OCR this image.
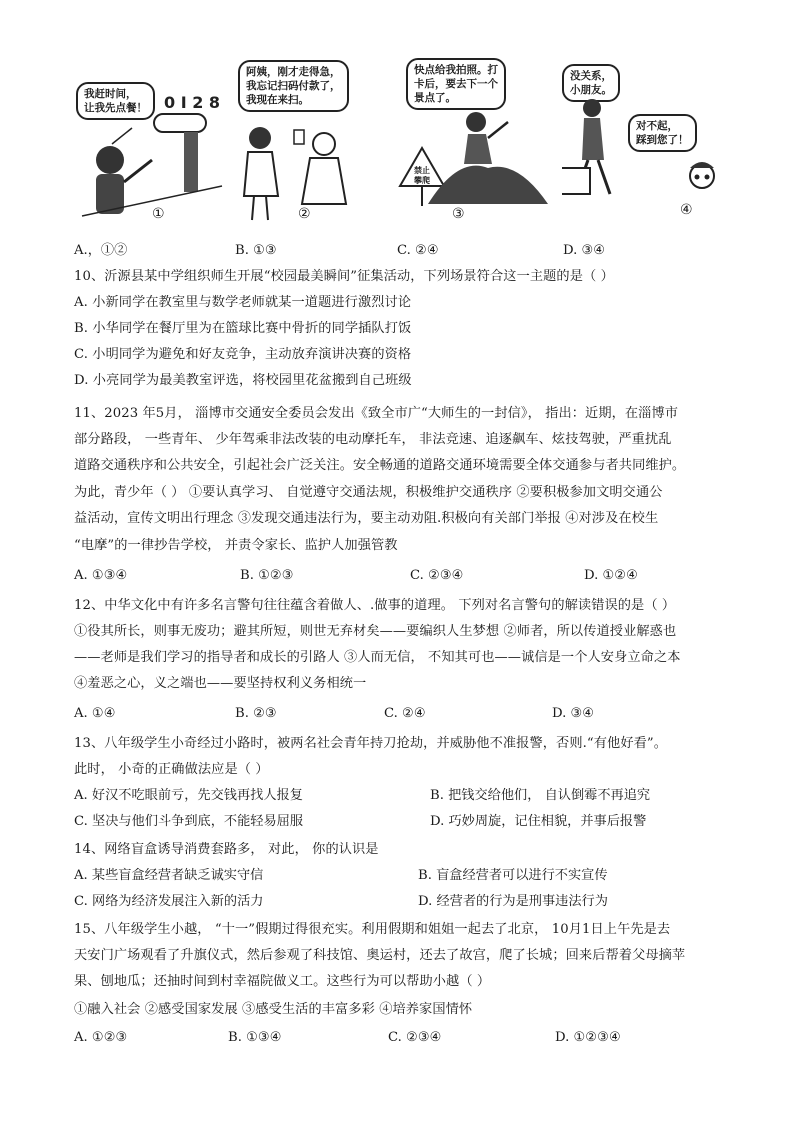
我赶时间，
让我先点餐！ 0 I 2 8
①
阿姨，刚才走得急，
我忘记扫码付款了，
我现在来扫。
②
快点给我拍照。打
卡后，要去下一个
景点了。
禁止
攀爬
③
没关系，
小朋友。
对不起，
踩到您了！
④
A.，①②	B. ①③	C. ②④	D. ③④
10、沂源县某中学组织师生开展“校园最美瞬间”征集活动，下列场景符合这一主题的是（ ）
A. 小新同学在教室里与数学老师就某一道题进行激烈讨论
B. 小华同学在餐厅里为在篮球比赛中骨折的同学插队打饭
C. 小明同学为避免和好友竞争，主动放弃演讲决赛的资格
D. 小亮同学为最美教室评选，将校园里花盆搬到自己班级
11、2023 年5月， 淄博市交通安全委员会发出《致全市广“大师生的一封信》， 指出：近期，在淄博市
部分路段， 一些青年、 少年驾乘非法改装的电动摩托车， 非法竞速、追逐飙车、炫技驾驶，严重扰乱
道路交通秩序和公共安全，引起社会广泛关注。安全畅通的道路交通环境需要全体交通参与者共同维护。
为此，青少年（ ） ①要认真学习、 自觉遵守交通法规，积极维护交通秩序 ②要积极参加文明交通公
益活动，宣传文明出行理念 ③发现交通违法行为，要主动劝阻.积极向有关部门举报 ④对涉及在校生
“电摩”的一律抄告学校， 并责令家长、监护人加强管教
A. ①③④	B. ①②③	C. ②③④	D. ①②④
12、中华文化中有许多名言警句往往蕴含着做人、.做事的道理。 下列对名言警句的解读错误的是（ ）
①役其所长，则事无废功；避其所短，则世无弃材矣——要编织人生梦想 ②师者，所以传道授业解惑也
——老师是我们学习的指导者和成长的引路人 ③人而无信， 不知其可也——诚信是一个人安身立命之本
④羞恶之心，义之端也——要坚持权利义务相统一
A. ①④	B. ②③	C. ②④	D. ③④
13、八年级学生小奇经过小路时，被两名社会青年持刀抢劫，并威胁他不准报警，否则.“有他好看”。
此时， 小奇的正确做法应是（ ）
A. 好汉不吃眼前亏，先交钱再找人报复	B. 把钱交给他们， 自认倒霉不再追究
C. 坚决与他们斗争到底，不能轻易屈服	D. 巧妙周旋，记住相貌，并事后报警
14、网络盲盒诱导消费套路多， 对此， 你的认识是
A. 某些盲盒经营者缺乏诚实守信	B. 盲盒经营者可以进行不实宣传
C. 网络为经济发展注入新的活力	D. 经营者的行为是刑事违法行为
15、八年级学生小越， “十一”假期过得很充实。利用假期和姐姐一起去了北京， 10月1日上午先是去
天安门广场观看了升旗仪式，然后参观了科技馆、奥运村，还去了故宫，爬了长城；回来后帮着父母摘苹
果、刨地瓜；还抽时间到村幸福院做义工。这些行为可以帮助小越（ ）
①融入社会 ②感受国家发展 ③感受生活的丰富多彩 ④培养家国情怀
A. ①②③	B. ①③④	C. ②③④	D. ①②③④
